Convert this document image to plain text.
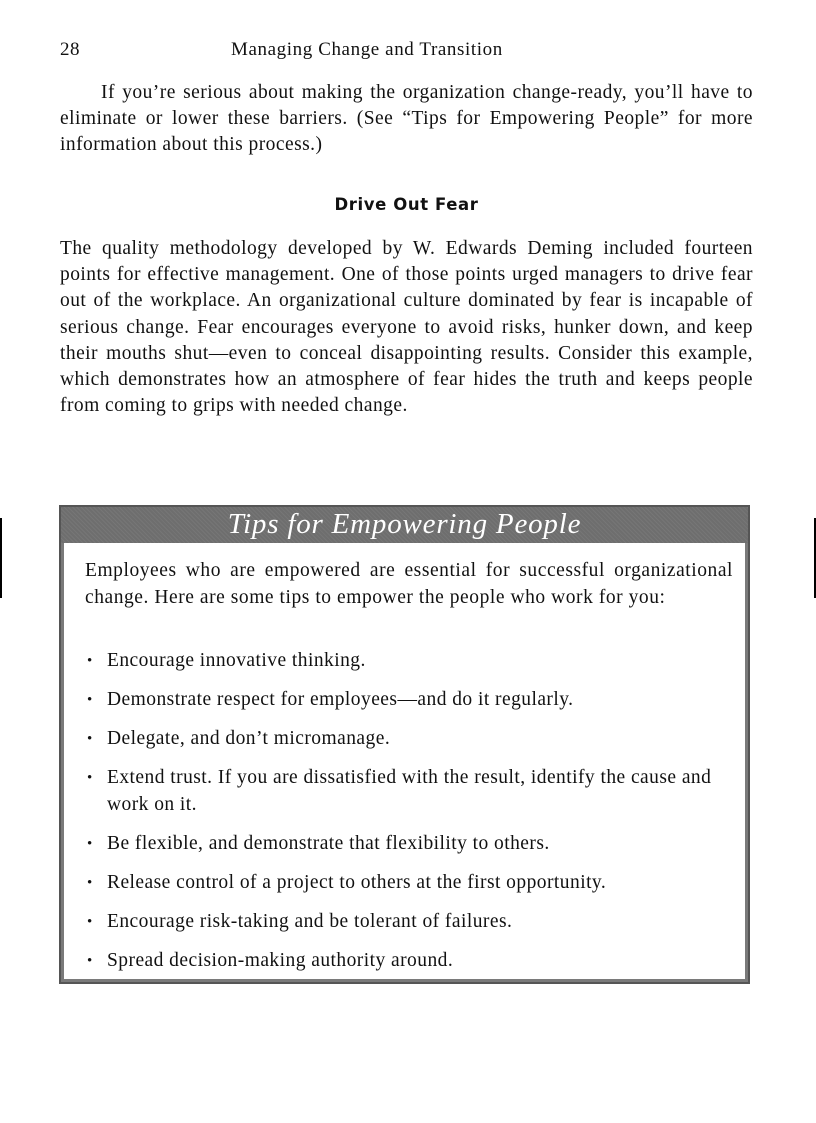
28	Managing Change and Transition

If you’re serious about making the organization change-ready, you’ll have to eliminate or lower these barriers. (See “Tips for Empowering People” for more information about this process.)

Drive Out Fear

The quality methodology developed by W. Edwards Deming included fourteen points for effective management. One of those points urged managers to drive fear out of the workplace. An organizational culture dominated by fear is incapable of serious change. Fear encourages everyone to avoid risks, hunker down, and keep their mouths shut—even to conceal disappointing results. Consider this example, which demonstrates how an atmosphere of fear hides the truth and keeps people from coming to grips with needed change.

Tips for Empowering People

Employees who are empowered are essential for successful organizational change. Here are some tips to empower the people who work for you:

• Encourage innovative thinking.
• Demonstrate respect for employees—and do it regularly.
• Delegate, and don’t micromanage.
• Extend trust. If you are dissatisfied with the result, identify the cause and work on it.
• Be flexible, and demonstrate that flexibility to others.
• Release control of a project to others at the first opportunity.
• Encourage risk-taking and be tolerant of failures.
• Spread decision-making authority around.
